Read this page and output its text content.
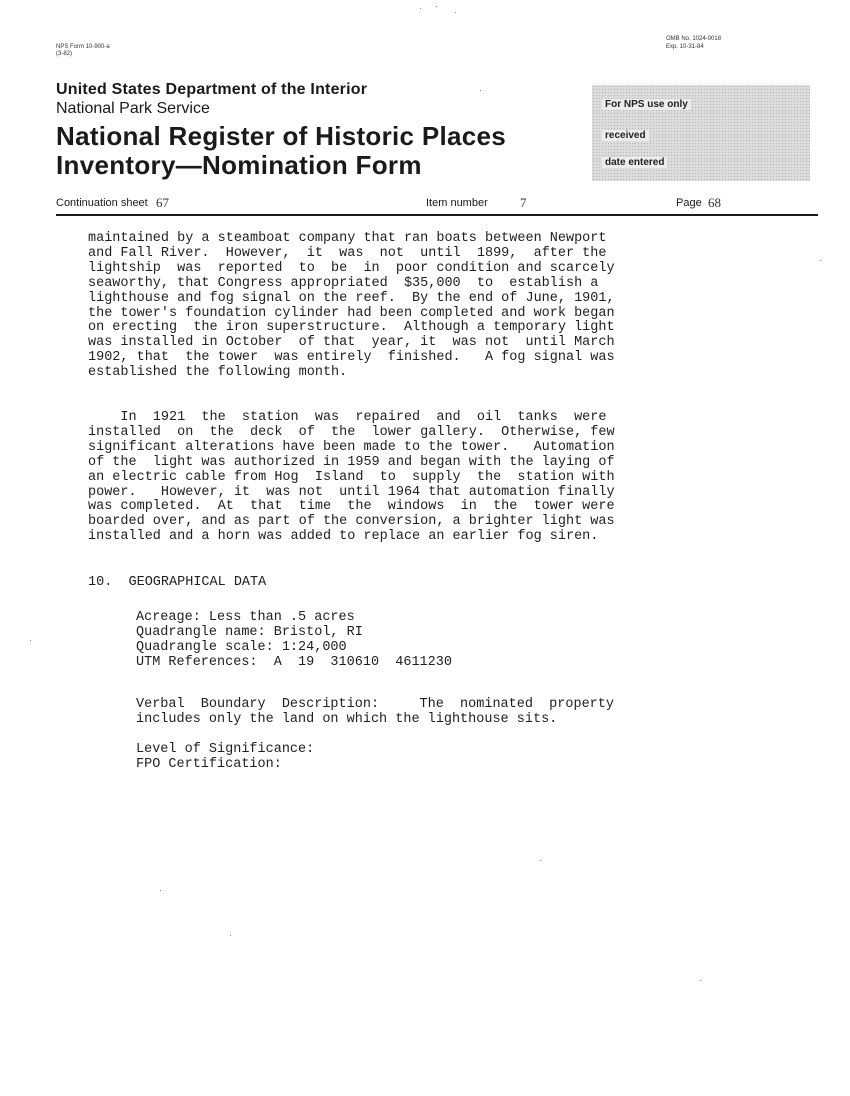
NPS Form 10-900-a
(3-82)
OMB No. 1024-0018
Exp. 10-31-84
United States Department of the Interior
National Park Service
National Register of Historic Places
Inventory—Nomination Form
For NPS use only
received
date entered
Continuation sheet 67	Item number 7	Page 68
maintained by a steamboat company that ran boats between Newport
and Fall River.  However,  it  was  not  until  1899,  after the
lightship  was  reported  to  be  in  poor condition and scarcely
seaworthy, that Congress appropriated  $35,000  to  establish a
lighthouse and fog signal on the reef.  By the end of June, 1901,
the tower's foundation cylinder had been completed and work began
on erecting  the iron superstructure.  Although a temporary light
was installed in October  of that  year, it  was not  until March
1902, that  the tower  was entirely  finished.   A fog signal was
established the following month.
In  1921  the  station  was  repaired  and  oil  tanks  were
installed  on  the  deck  of  the  lower gallery.  Otherwise, few
significant alterations have been made to the tower.   Automation
of the  light was authorized in 1959 and began with the laying of
an electric cable from Hog  Island  to  supply  the  station with
power.   However, it  was not  until 1964 that automation finally
was completed.  At  that  time  the  windows  in  the  tower were
boarded over, and as part of the conversion, a brighter light was
installed and a horn was added to replace an earlier fog siren.
10.  GEOGRAPHICAL DATA
Acreage: Less than .5 acres
Quadrangle name: Bristol, RI
Quadrangle scale: 1:24,000
UTM References:  A  19  310610  4611230
Verbal  Boundary  Description:     The  nominated  property
includes only the land on which the lighthouse sits.
Level of Significance:
FPO Certification:
